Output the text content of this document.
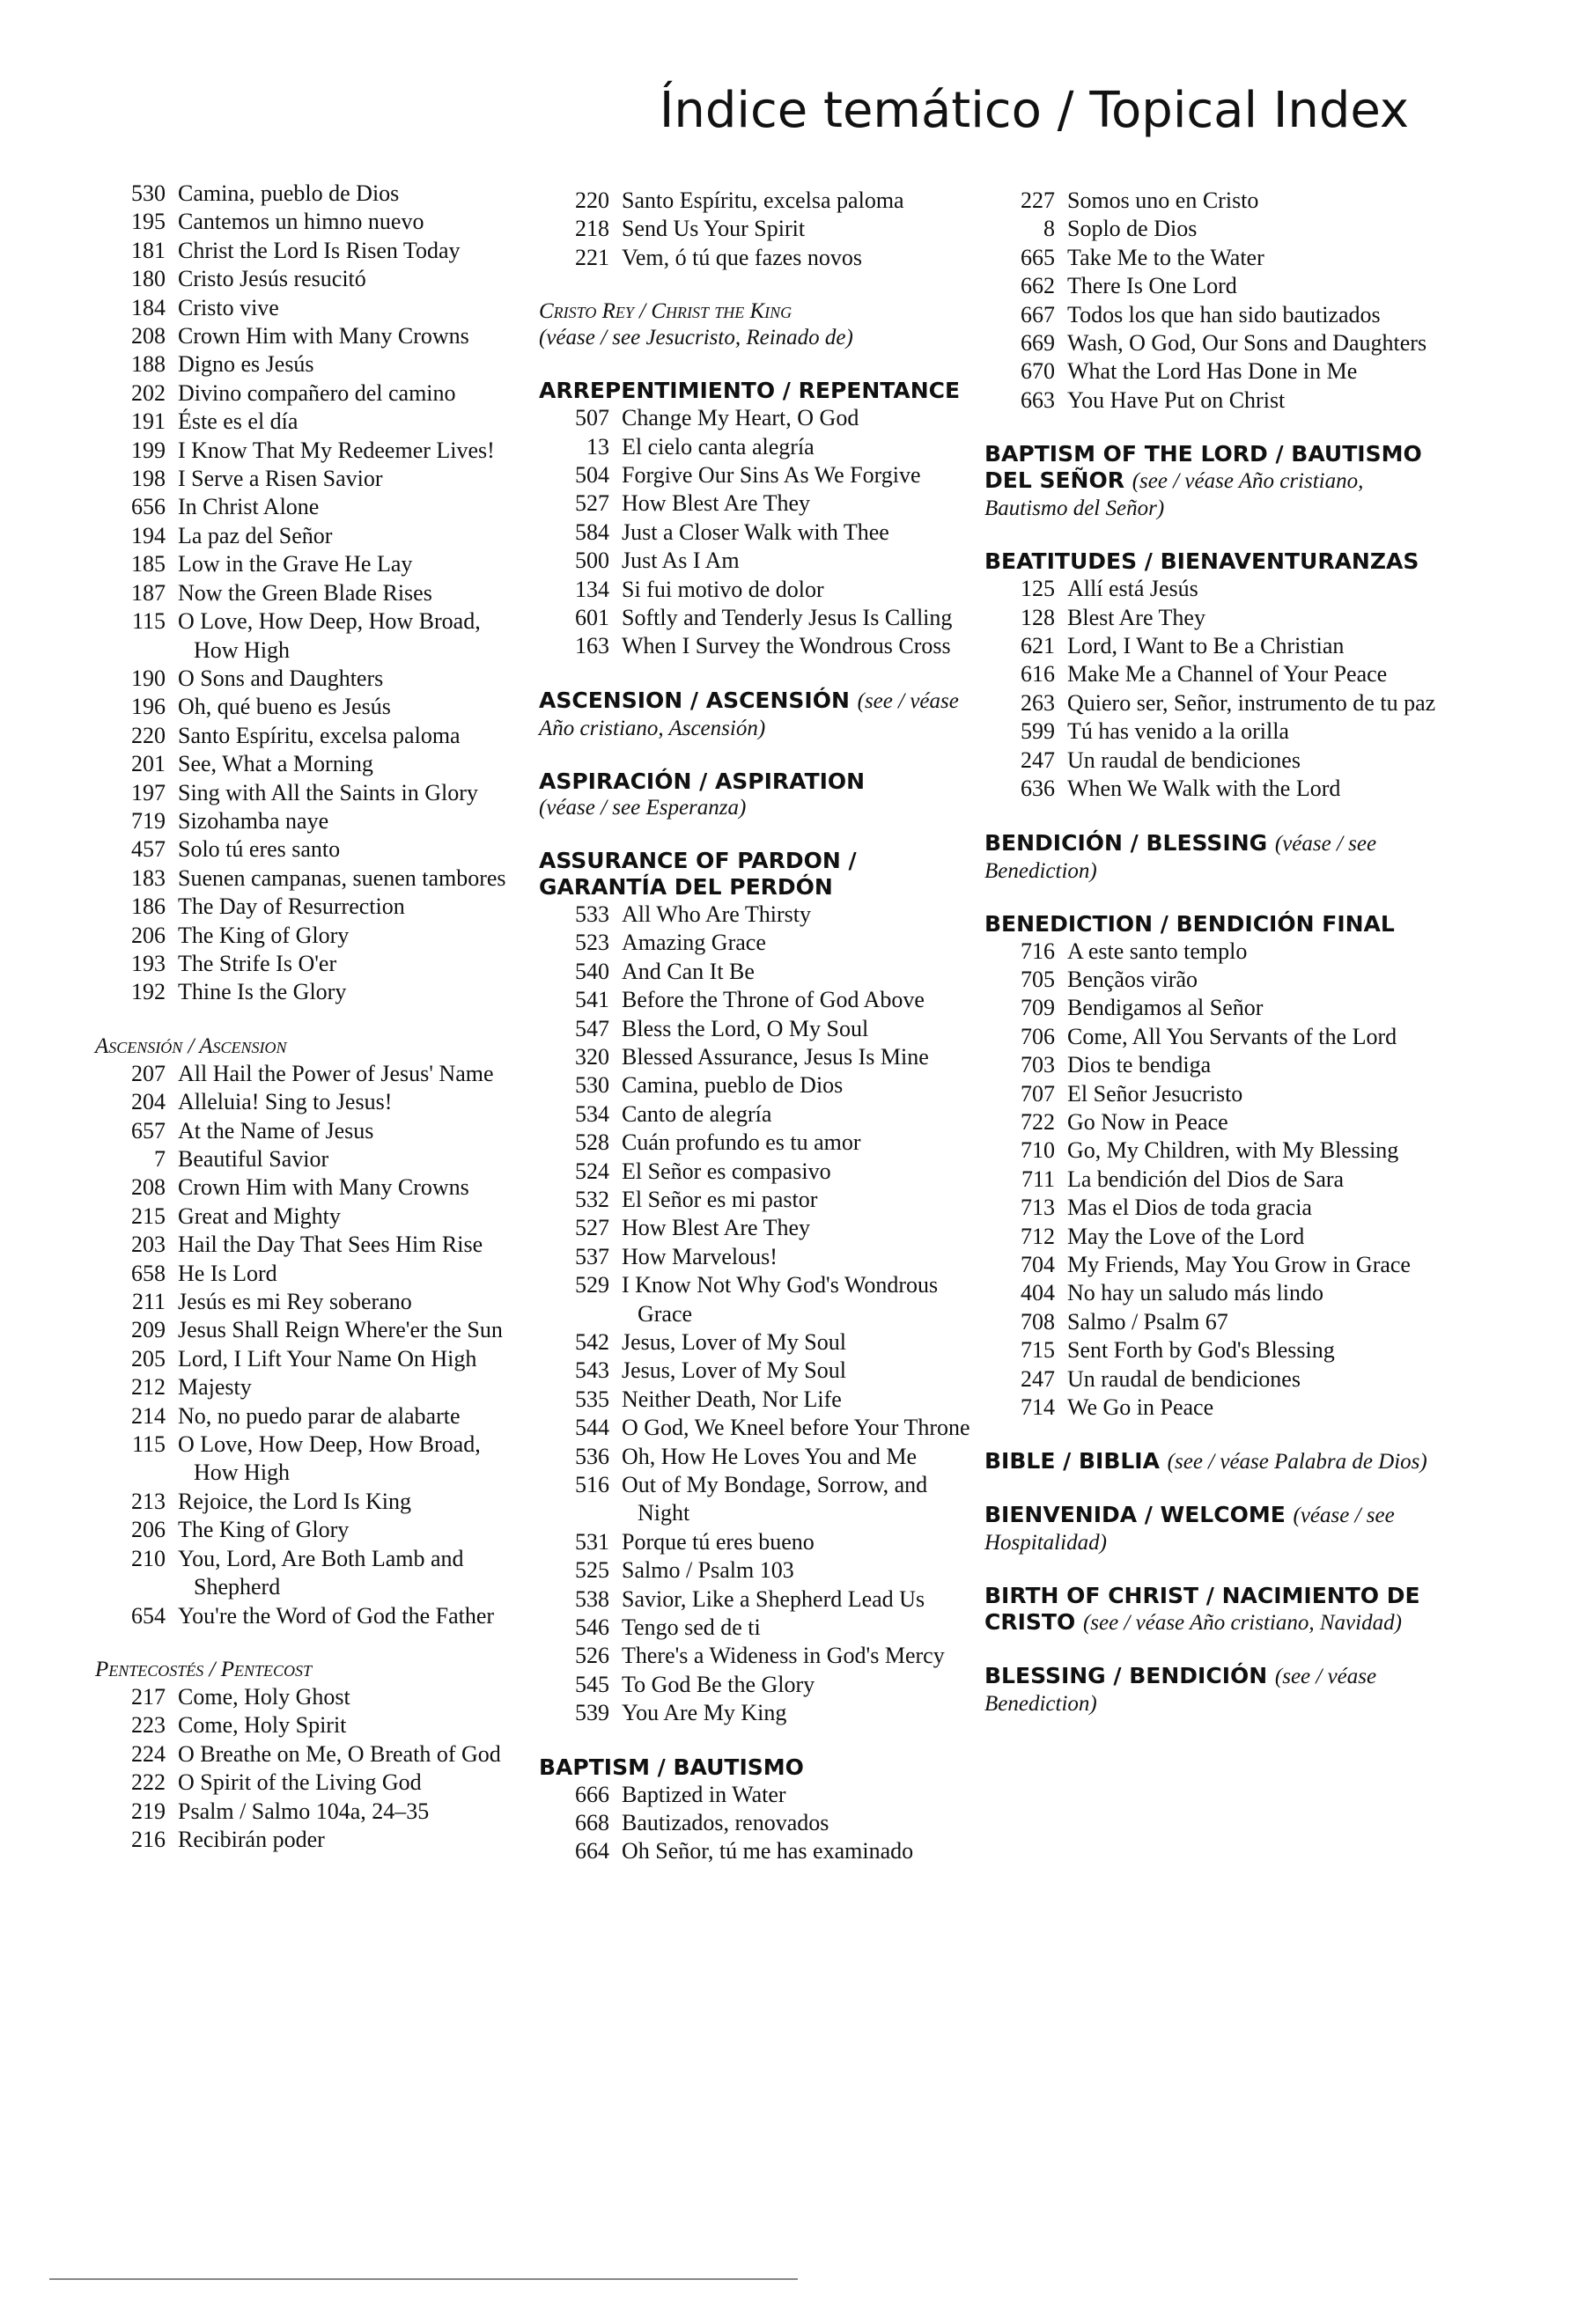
Índice temático / Topical Index
530 Camina, pueblo de Dios
195 Cantemos un himno nuevo
181 Christ the Lord Is Risen Today
180 Cristo Jesús resucitó
184 Cristo vive
208 Crown Him with Many Crowns
188 Digno es Jesús
202 Divino compañero del camino
191 Éste es el día
199 I Know That My Redeemer Lives!
198 I Serve a Risen Savior
656 In Christ Alone
194 La paz del Señor
185 Low in the Grave He Lay
187 Now the Green Blade Rises
115 O Love, How Deep, How Broad, How High
190 O Sons and Daughters
196 Oh, qué bueno es Jesús
220 Santo Espíritu, excelsa paloma
201 See, What a Morning
197 Sing with All the Saints in Glory
719 Sizohamba naye
457 Solo tú eres santo
183 Suenen campanas, suenen tambores
186 The Day of Resurrection
206 The King of Glory
193 The Strife Is O'er
192 Thine Is the Glory
Ascensión / Ascension
207 All Hail the Power of Jesus' Name
204 Alleluia! Sing to Jesus!
657 At the Name of Jesus
7 Beautiful Savior
208 Crown Him with Many Crowns
215 Great and Mighty
203 Hail the Day That Sees Him Rise
658 He Is Lord
211 Jesús es mi Rey soberano
209 Jesus Shall Reign Where'er the Sun
205 Lord, I Lift Your Name On High
212 Majesty
214 No, no puedo parar de alabarte
115 O Love, How Deep, How Broad, How High
213 Rejoice, the Lord Is King
206 The King of Glory
210 You, Lord, Are Both Lamb and Shepherd
654 You're the Word of God the Father
Pentecostés / Pentecost
217 Come, Holy Ghost
223 Come, Holy Spirit
224 O Breathe on Me, O Breath of God
222 O Spirit of the Living God
219 Psalm / Salmo 104a, 24–35
216 Recibirán poder
220 Santo Espíritu, excelsa paloma
218 Send Us Your Spirit
221 Vem, ó tú que fazes novos
Cristo Rey / Christ the King
(véase / see Jesucristo, Reinado de)
ARREPENTIMIENTO / REPENTANCE
507 Change My Heart, O God
13 El cielo canta alegría
504 Forgive Our Sins As We Forgive
527 How Blest Are They
584 Just a Closer Walk with Thee
500 Just As I Am
134 Si fui motivo de dolor
601 Softly and Tenderly Jesus Is Calling
163 When I Survey the Wondrous Cross
ASCENSION / ASCENSIÓN (see / véase Año cristiano, Ascensión)
ASPIRACIÓN / ASPIRATION
(véase / see Esperanza)
ASSURANCE OF PARDON / GARANTÍA DEL PERDÓN
533 All Who Are Thirsty
523 Amazing Grace
540 And Can It Be
541 Before the Throne of God Above
547 Bless the Lord, O My Soul
320 Blessed Assurance, Jesus Is Mine
530 Camina, pueblo de Dios
534 Canto de alegría
528 Cuán profundo es tu amor
524 El Señor es compasivo
532 El Señor es mi pastor
527 How Blest Are They
537 How Marvelous!
529 I Know Not Why God's Wondrous Grace
542 Jesus, Lover of My Soul
543 Jesus, Lover of My Soul
535 Neither Death, Nor Life
544 O God, We Kneel before Your Throne
536 Oh, How He Loves You and Me
516 Out of My Bondage, Sorrow, and Night
531 Porque tú eres bueno
525 Salmo / Psalm 103
538 Savior, Like a Shepherd Lead Us
546 Tengo sed de ti
526 There's a Wideness in God's Mercy
545 To God Be the Glory
539 You Are My King
BAPTISM / BAUTISMO
666 Baptized in Water
668 Bautizados, renovados
664 Oh Señor, tú me has examinado
227 Somos uno en Cristo
8 Soplo de Dios
665 Take Me to the Water
662 There Is One Lord
667 Todos los que han sido bautizados
669 Wash, O God, Our Sons and Daughters
670 What the Lord Has Done in Me
663 You Have Put on Christ
BAPTISM OF THE LORD / BAUTISMO DEL SEÑOR (see / véase Año cristiano, Bautismo del Señor)
BEATITUDES / BIENAVENTURANZAS
125 Allí está Jesús
128 Blest Are They
621 Lord, I Want to Be a Christian
616 Make Me a Channel of Your Peace
263 Quiero ser, Señor, instrumento de tu paz
599 Tú has venido a la orilla
247 Un raudal de bendiciones
636 When We Walk with the Lord
BENDICIÓN / BLESSING (véase / see Benediction)
BENEDICTION / BENDICIÓN FINAL
716 A este santo templo
705 Bençãos virão
709 Bendigamos al Señor
706 Come, All You Servants of the Lord
703 Dios te bendiga
707 El Señor Jesucristo
722 Go Now in Peace
710 Go, My Children, with My Blessing
711 La bendición del Dios de Sara
713 Mas el Dios de toda gracia
712 May the Love of the Lord
704 My Friends, May You Grow in Grace
404 No hay un saludo más lindo
708 Salmo / Psalm 67
715 Sent Forth by God's Blessing
247 Un raudal de bendiciones
714 We Go in Peace
BIBLE / BIBLIA (see / véase Palabra de Dios)
BIENVENIDA / WELCOME (véase / see Hospitalidad)
BIRTH OF CHRIST / NACIMIENTO DE CRISTO (see / véase Año cristiano, Navidad)
BLESSING / BENDICIÓN (see / véase Benediction)
